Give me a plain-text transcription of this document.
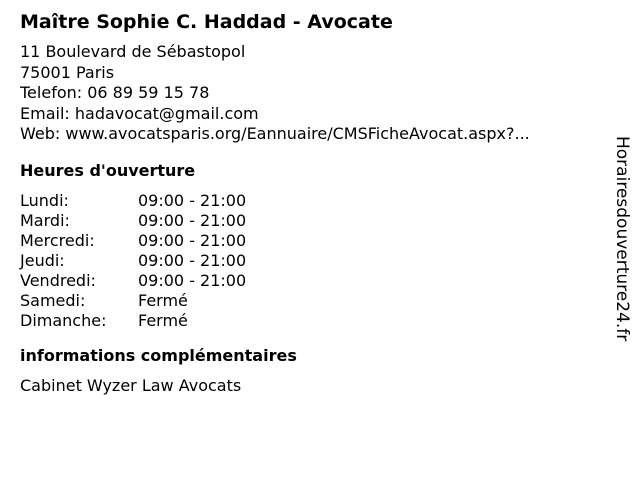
Maître Sophie C. Haddad - Avocate
11 Boulevard de Sébastopol
75001 Paris
Telefon: 06 89 59 15 78
Email: hadavocat@gmail.com
Web: www.avocatsparis.org/Eannuaire/CMSFicheAvocat.aspx?...
Heures d'ouverture
Lundi:	09:00 - 21:00
Mardi:	09:00 - 21:00
Mercredi:	09:00 - 21:00
Jeudi:	09:00 - 21:00
Vendredi:	09:00 - 21:00
Samedi:	Fermé
Dimanche:	Fermé
informations complémentaires
Cabinet Wyzer Law Avocats
Horairesdouverture24.fr
